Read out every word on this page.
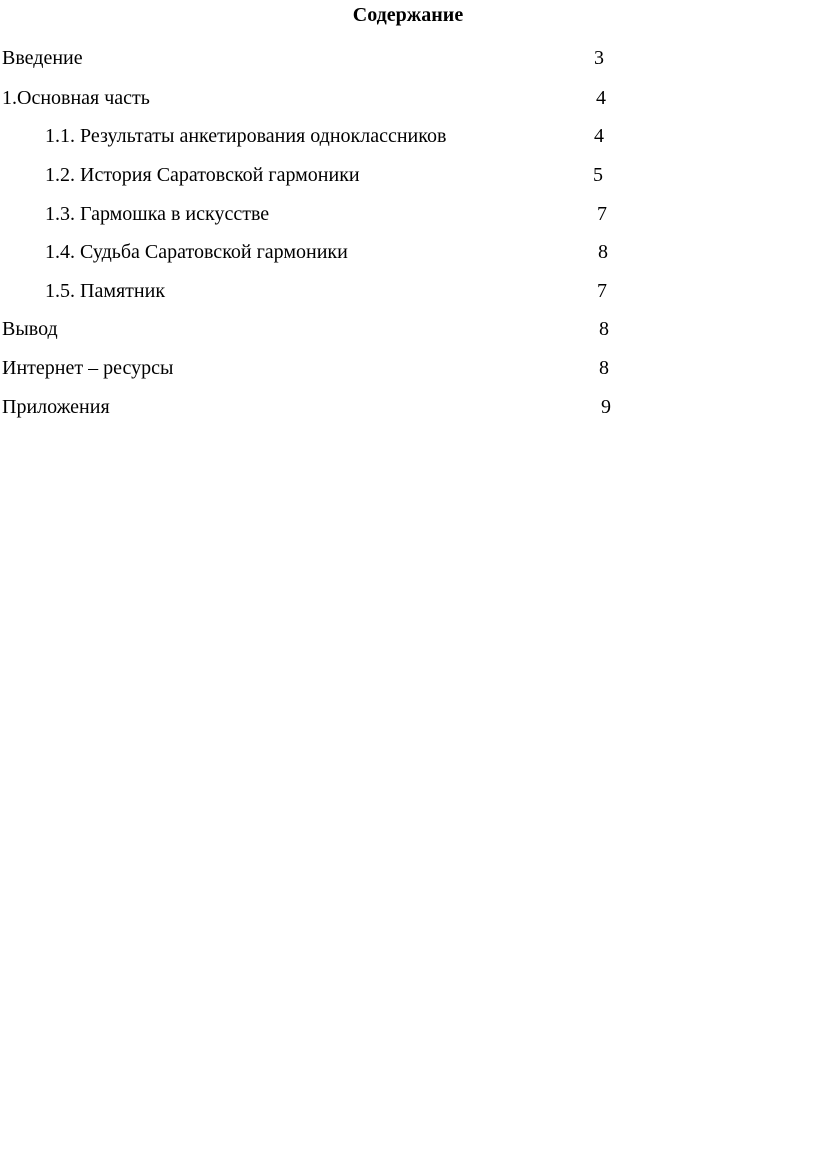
Содержание
Введение	3
1.Основная часть	4
1.1. Результаты анкетирования одноклассников	4
1.2. История Саратовской гармоники	5
1.3. Гармошка в искусстве	7
1.4. Судьба Саратовской гармоники	8
1.5. Памятник	7
Вывод	8
Интернет – ресурсы	8
Приложения	9
